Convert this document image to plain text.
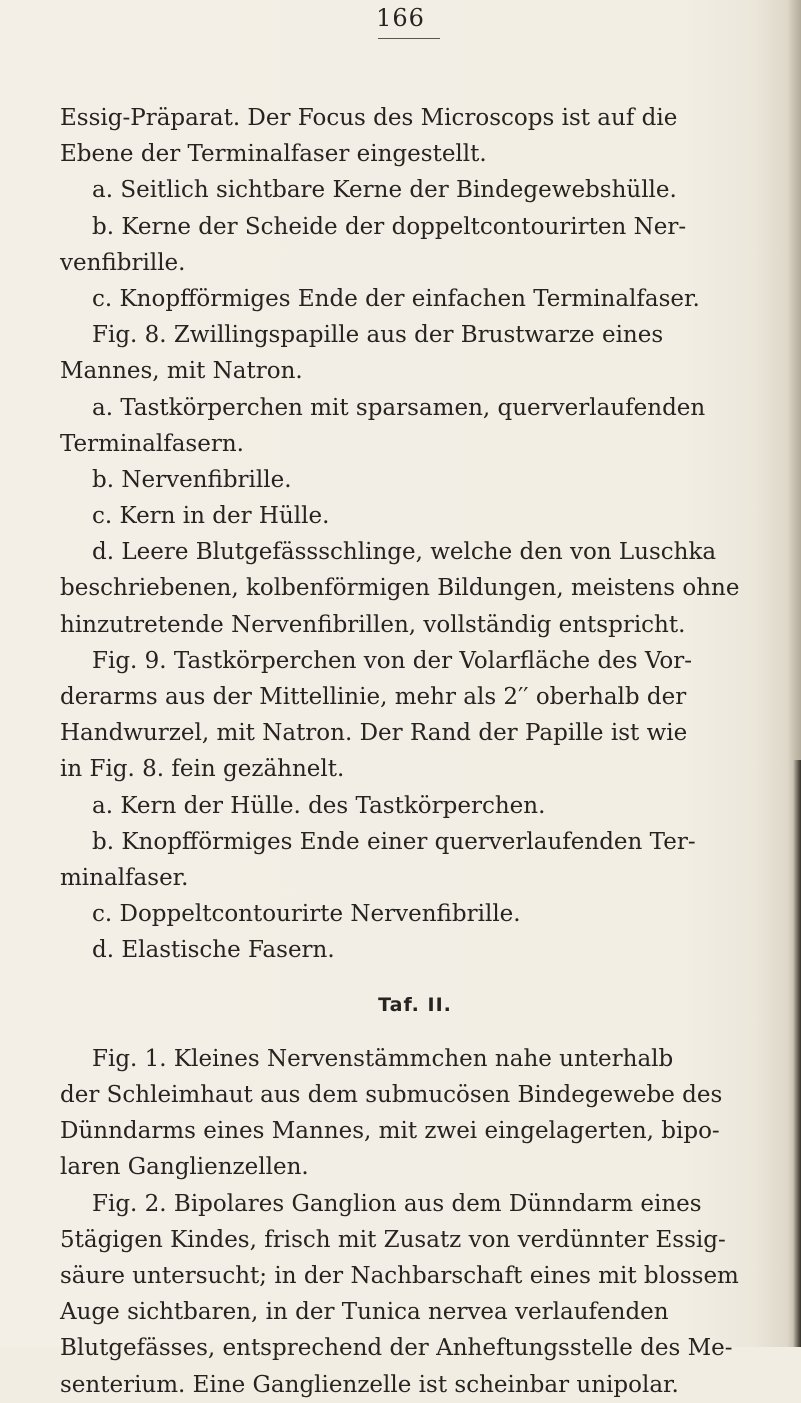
166
Essig-Präparat. Der Focus des Microscops ist auf die
Ebene der Terminalfaser eingestellt.
a. Seitlich sichtbare Kerne der Bindegewebshülle.
b. Kerne der Scheide der doppeltcontourirten Ner-
venfibrille.
c. Knopfförmiges Ende der einfachen Terminalfaser.
Fig. 8. Zwillingspapille aus der Brustwarze eines
Mannes, mit Natron.
a. Tastkörperchen mit sparsamen, querverlaufenden
Terminalfasern.
b. Nervenfibrille.
c. Kern in der Hülle.
d. Leere Blutgefässschlinge, welche den von Luschka
beschriebenen, kolbenförmigen Bildungen, meistens ohne
hinzutretende Nervenfibrillen, vollständig entspricht.
Fig. 9. Tastkörperchen von der Volarfläche des Vor-
derarms aus der Mittellinie, mehr als 2′′ oberhalb der
Handwurzel, mit Natron. Der Rand der Papille ist wie
in Fig. 8. fein gezähnelt.
a. Kern der Hülle. des Tastkörperchen.
b. Knopfförmiges Ende einer querverlaufenden Ter-
minalfaser.
c. Doppeltcontourirte Nervenfibrille.
d. Elastische Fasern.
Taf. II.
Fig. 1. Kleines Nervenstämmchen nahe unterhalb
der Schleimhaut aus dem submucösen Bindegewebe des
Dünndarms eines Mannes, mit zwei eingelagerten, bipo-
laren Ganglienzellen.
Fig. 2. Bipolares Ganglion aus dem Dünndarm eines
5tägigen Kindes, frisch mit Zusatz von verdünnter Essig-
säure untersucht; in der Nachbarschaft eines mit blossem
Auge sichtbaren, in der Tunica nervea verlaufenden
Blutgefässes, entsprechend der Anheftungsstelle des Me-
senterium. Eine Ganglienzelle ist scheinbar unipolar.
